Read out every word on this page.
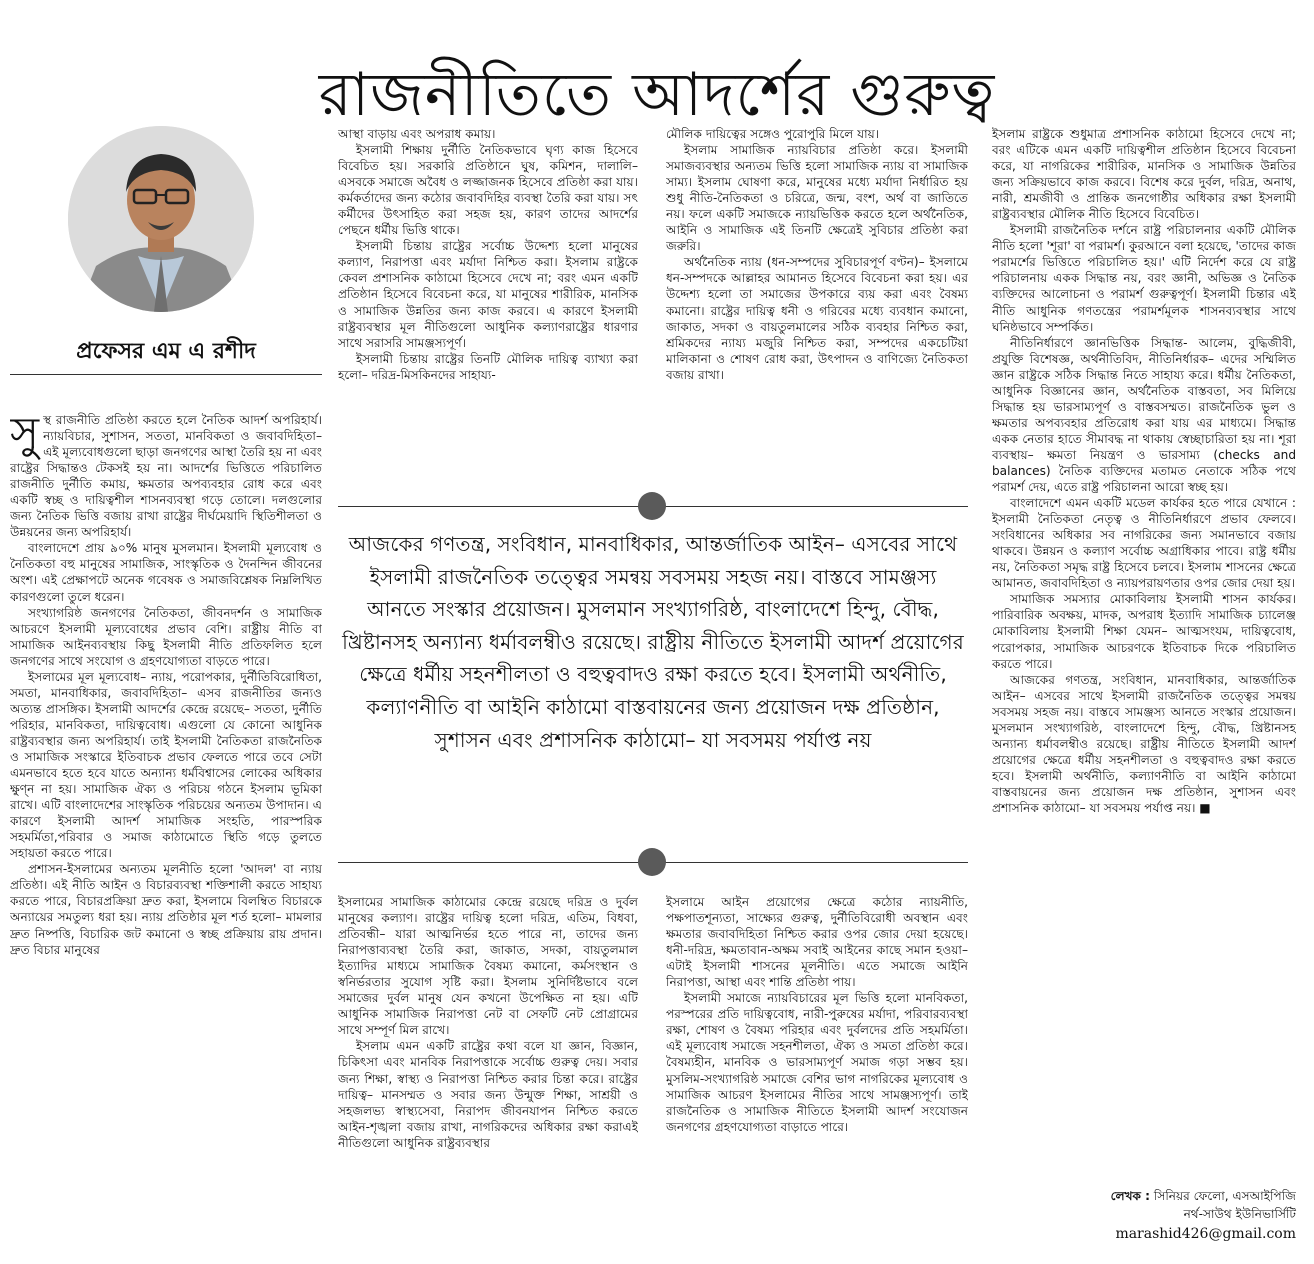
রাজনীতিতে আদর্শের গুরুত্ব
প্রফেসর এম এ রশীদ

সুস্থ রাজনীতি প্রতিষ্ঠা করতে হলে নৈতিক আদর্শ অপরিহার্য। ন্যায়বিচার, সুশাসন, সততা, মানবিকতা ও জবাবদিহিতা– এই মূল্যবোধগুলো ছাড়া জনগণের আস্থা তৈরি হয় না এবং রাষ্ট্রের সিদ্ধান্তও টেকসই হয় না। আদর্শের ভিত্তিতে পরিচালিত রাজনীতি দুর্নীতি কমায়, ক্ষমতার অপব্যবহার রোধ করে এবং একটি স্বচ্ছ ও দায়িত্বশীল শাসনব্যবস্থা গড়ে তোলে। দলগুলোর জন্য নৈতিক ভিত্তি বজায় রাখা রাষ্ট্রের দীর্ঘমেয়াদি স্থিতিশীলতা ও উন্নয়নের জন্য অপরিহার্য।

বাংলাদেশে প্রায় ৯০% মানুষ মুসলমান। ইসলামী মূল্যবোধ ও নৈতিকতা বহু মানুষের সামাজিক, সাংস্কৃতিক ও দৈনন্দিন জীবনের অংশ। এই প্রেক্ষাপটে অনেক গবেষক ও সমাজবিশ্লেষক নিম্নলিখিত কারণগুলো তুলে ধরেন।

সংখ্যাগরিষ্ঠ জনগণের নৈতিকতা, জীবনদর্শন ও সামাজিক আচরণে ইসলামী মূল্যবোধের প্রভাব বেশি। রাষ্ট্রীয় নীতি বা সামাজিক আইনব্যবস্থায় কিছু ইসলামী নীতি প্রতিফলিত হলে জনগণের সাথে সংযোগ ও গ্রহণযোগ্যতা বাড়তে পারে।

ইসলামের মূল মূল্যবোধ– ন্যায়, পরোপকার, দুর্নীতিবিরোধিতা, সমতা, মানবাধিকার, জবাবদিহিতা– এসব রাজনীতির জন্যও অত্যন্ত প্রাসঙ্গিক। ইসলামী আদর্শের কেন্দ্রে রয়েছে– সততা, দুর্নীতি পরিহার, মানবিকতা, দায়িত্ববোধ। এগুলো যে কোনো আধুনিক রাষ্ট্রব্যবস্থার জন্য অপরিহার্য। তাই ইসলামী নৈতিকতা রাজনৈতিক ও সামাজিক সংস্কারে ইতিবাচক প্রভাব ফেলতে পারে তবে সেটা এমনভাবে হতে হবে যাতে অন্যান্য ধর্মবিশ্বাসের লোকের অধিকার ক্ষুণ্ন না হয়। সামাজিক ঐক্য ও পরিচয় গঠনে ইসলাম ভূমিকা রাখে। এটি বাংলাদেশের সাংস্কৃতিক পরিচয়ের অন্যতম উপাদান। এ কারণে ইসলামী আদর্শ সামাজিক সংহতি, পারস্পরিক সহমর্মিতা,পরিবার ও সমাজ কাঠামোতে স্থিতি গড়ে তুলতে সহায়তা করতে পারে।

প্রশাসন-ইসলামের অন্যতম মূলনীতি হলো 'আদল' বা ন্যায় প্রতিষ্ঠা। এই নীতি আইন ও বিচারব্যবস্থা শক্তিশালী করতে সাহায্য করতে পারে, বিচারপ্রক্রিয়া দ্রুত করা, ইসলামে বিলম্বিত বিচারকে অন্যায়ের সমতুল্য ধরা হয়। ন্যায় প্রতিষ্ঠার মূল শর্ত হলো– মামলার দ্রুত নিষ্পত্তি, বিচারিক জট কমানো ও স্বচ্ছ প্রক্রিয়ায় রায় প্রদান। দ্রুত বিচার মানুষের

আস্থা বাড়ায় এবং অপরাধ কমায়।

ইসলামী শিক্ষায় দুর্নীতি নৈতিকভাবে ঘৃণ্য কাজ হিসেবে বিবেচিত হয়। সরকারি প্রতিষ্ঠানে ঘুষ, কমিশন, দালালি– এসবকে সমাজে অবৈধ ও লজ্জাজনক হিসেবে প্রতিষ্ঠা করা যায়। কর্মকর্তাদের জন্য কঠোর জবাবদিহির ব্যবস্থা তৈরি করা যায়। সৎ কর্মীদের উৎসাহিত করা সহজ হয়, কারণ তাদের আদর্শের পেছনে ধর্মীয় ভিত্তি থাকে।

ইসলামী চিন্তায় রাষ্ট্রের সর্বোচ্চ উদ্দেশ্য হলো মানুষের কল্যাণ, নিরাপত্তা এবং মর্যাদা নিশ্চিত করা। ইসলাম রাষ্ট্রকে কেবল প্রশাসনিক কাঠামো হিসেবে দেখে না; বরং এমন একটি প্রতিষ্ঠান হিসেবে বিবেচনা করে, যা মানুষের শারীরিক, মানসিক ও সামাজিক উন্নতির জন্য কাজ করবে। এ কারণে ইসলামী রাষ্ট্রব্যবস্থার মূল নীতিগুলো আধুনিক কল্যাণরাষ্ট্রের ধারণার সাথে সরাসরি সামঞ্জস্যপূর্ণ।

ইসলামী চিন্তায় রাষ্ট্রের তিনটি মৌলিক দায়িত্ব ব্যাখ্যা করা হলো– দরিদ্র-মিসকিনদের সাহায্য-

মৌলিক দায়িত্বের সঙ্গেও পুরোপুরি মিলে যায়।

ইসলাম সামাজিক ন্যায়বিচার প্রতিষ্ঠা করে। ইসলামী সমাজব্যবস্থার অন্যতম ভিত্তি হলো সামাজিক ন্যায় বা সামাজিক সাম্য। ইসলাম ঘোষণা করে, মানুষের মধ্যে মর্যাদা নির্ধারিত হয় শুধু নীতি-নৈতিকতা ও চরিত্রে, জন্ম, বংশ, অর্থ বা জাতিতে নয়। ফলে একটি সমাজকে ন্যায়ভিত্তিক করতে হলে অর্থনৈতিক, আইনি ও সামাজিক এই তিনটি ক্ষেত্রেই সুবিচার প্রতিষ্ঠা করা জরুরি।

অর্থনৈতিক ন্যায় (ধন-সম্পদের সুবিচারপূর্ণ বণ্টন)– ইসলামে ধন-সম্পদকে আল্লাহর আমানত হিসেবে বিবেচনা করা হয়। এর উদ্দেশ্য হলো তা সমাজের উপকারে ব্যয় করা এবং বৈষম্য কমানো। রাষ্ট্রের দায়িত্ব ধনী ও গরিবের মধ্যে ব্যবধান কমানো, জাকাত, সদকা ও বায়তুলমালের সঠিক ব্যবহার নিশ্চিত করা, শ্রমিকদের ন্যায্য মজুরি নিশ্চিত করা, সম্পদের একচেটিয়া মালিকানা ও শোষণ রোধ করা, উৎপাদন ও বাণিজ্যে নৈতিকতা বজায় রাখা।

আজকের গণতন্ত্র, সংবিধান, মানবাধিকার, আন্তর্জাতিক আইন– এসবের সাথে ইসলামী রাজনৈতিক তত্ত্বের সমন্বয় সবসময় সহজ নয়। বাস্তবে সামঞ্জস্য আনতে সংস্কার প্রয়োজন। মুসলমান সংখ্যাগরিষ্ঠ, বাংলাদেশে হিন্দু, বৌদ্ধ, খ্রিষ্টানসহ অন্যান্য ধর্মাবলম্বীও রয়েছে। রাষ্ট্রীয় নীতিতে ইসলামী আদর্শ প্রয়োগের ক্ষেত্রে ধর্মীয় সহনশীলতা ও বহুত্ববাদও রক্ষা করতে হবে। ইসলামী অর্থনীতি, কল্যাণনীতি বা আইনি কাঠামো বাস্তবায়নের জন্য প্রয়োজন দক্ষ প্রতিষ্ঠান, সুশাসন এবং প্রশাসনিক কাঠামো– যা সবসময় পর্যাপ্ত নয়

ইসলামের সামাজিক কাঠামোর কেন্দ্রে রয়েছে দরিদ্র ও দুর্বল মানুষের কল্যাণ। রাষ্ট্রের দায়িত্ব হলো দরিদ্র, এতিম, বিধবা, প্রতিবন্ধী– যারা আত্মনির্ভর হতে পারে না, তাদের জন্য নিরাপত্তাব্যবস্থা তৈরি করা, জাকাত, সদকা, বায়তুলমাল ইত্যাদির মাধ্যমে সামাজিক বৈষম্য কমানো, কর্মসংস্থান ও স্বনির্ভরতার সুযোগ সৃষ্টি করা। ইসলাম সুনির্দিষ্টভাবে বলে সমাজের দুর্বল মানুষ যেন কখনো উপেক্ষিত না হয়। এটি আধুনিক সামাজিক নিরাপত্তা নেট বা সেফটি নেট প্রোগ্রামের সাথে সম্পূর্ণ মিল রাখে।

ইসলাম এমন একটি রাষ্ট্রের কথা বলে যা জ্ঞান, বিজ্ঞান, চিকিৎসা এবং মানবিক নিরাপত্তাকে সর্বোচ্চ গুরুত্ব দেয়। সবার জন্য শিক্ষা, স্বাস্থ্য ও নিরাপত্তা নিশ্চিত করার চিন্তা করে। রাষ্ট্রের দায়িত্ব– মানসম্মত ও সবার জন্য উন্মুক্ত শিক্ষা, সাশ্রয়ী ও সহজলভ্য স্বাস্থ্যসেবা, নিরাপদ জীবনযাপন নিশ্চিত করতে আইন-শৃঙ্খলা বজায় রাখা, নাগরিকদের অধিকার রক্ষা করাএই নীতিগুলো আধুনিক রাষ্ট্রব্যবস্থার

ইসলামে আইন প্রয়োগের ক্ষেত্রে কঠোর ন্যায়নীতি, পক্ষপাতশূন্যতা, সাক্ষ্যের গুরুত্ব, দুর্নীতিবিরোধী অবস্থান এবং ক্ষমতার জবাবদিহিতা নিশ্চিত করার ওপর জোর দেয়া হয়েছে। ধনী-দরিদ্র, ক্ষমতাবান-অক্ষম সবাই আইনের কাছে সমান হওয়া– এটাই ইসলামী শাসনের মূলনীতি। এতে সমাজে আইনি নিরাপত্তা, আস্থা এবং শান্তি প্রতিষ্ঠা পায়।

ইসলামী সমাজে ন্যায়বিচারের মূল ভিত্তি হলো মানবিকতা, পরস্পরের প্রতি দায়িত্ববোধ, নারী-পুরুষের মর্যাদা, পরিবারব্যবস্থা রক্ষা, শোষণ ও বৈষম্য পরিহার এবং দুর্বলদের প্রতি সহমর্মিতা। এই মূল্যবোধ সমাজে সহনশীলতা, ঐক্য ও সমতা প্রতিষ্ঠা করে। বৈষম্যহীন, মানবিক ও ভারসাম্যপূর্ণ সমাজ গড়া সম্ভব হয়। মুসলিম-সংখ্যাগরিষ্ঠ সমাজে বেশির ভাগ নাগরিকের মূল্যবোধ ও সামাজিক আচরণ ইসলামের নীতির সাথে সামঞ্জস্যপূর্ণ। তাই রাজনৈতিক ও সামাজিক নীতিতে ইসলামী আদর্শ সংযোজন জনগণের গ্রহণযোগ্যতা বাড়াতে পারে।

ইসলাম রাষ্ট্রকে শুধুমাত্র প্রশাসনিক কাঠামো হিসেবে দেখে না; বরং এটিকে এমন একটি দায়িত্বশীল প্রতিষ্ঠান হিসেবে বিবেচনা করে, যা নাগরিকের শারীরিক, মানসিক ও সামাজিক উন্নতির জন্য সক্রিয়ভাবে কাজ করবে। বিশেষ করে দুর্বল, দরিদ্র, অনাথ, নারী, শ্রমজীবী ও প্রান্তিক জনগোষ্ঠীর অধিকার রক্ষা ইসলামী রাষ্ট্রব্যবস্থার মৌলিক নীতি হিসেবে বিবেচিত।

ইসলামী রাজনৈতিক দর্শনে রাষ্ট্র পরিচালনার একটি মৌলিক নীতি হলো 'শূরা' বা পরামর্শ। কুরআনে বলা হয়েছে, 'তাদের কাজ পরামর্শের ভিত্তিতে পরিচালিত হয়।' এটি নির্দেশ করে যে রাষ্ট্র পরিচালনায় একক সিদ্ধান্ত নয়, বরং জ্ঞানী, অভিজ্ঞ ও নৈতিক ব্যক্তিদের আলোচনা ও পরামর্শ গুরুত্বপূর্ণ। ইসলামী চিন্তার এই নীতি আধুনিক গণতন্ত্রের পরামর্শমূলক শাসনব্যবস্থার সাথে ঘনিষ্ঠভাবে সম্পর্কিত।

নীতিনির্ধারণে জ্ঞানভিত্তিক সিদ্ধান্ত- আলেম, বুদ্ধিজীবী, প্রযুক্তি বিশেষজ্ঞ, অর্থনীতিবিদ, নীতিনির্ধারক– এদের সম্মিলিত জ্ঞান রাষ্ট্রকে সঠিক সিদ্ধান্ত নিতে সাহায্য করে। ধর্মীয় নৈতিকতা, আধুনিক বিজ্ঞানের জ্ঞান, অর্থনৈতিক বাস্তবতা, সব মিলিয়ে সিদ্ধান্ত হয় ভারসাম্যপূর্ণ ও বাস্তবসম্মত। রাজনৈতিক ভুল ও ক্ষমতার অপব্যবহার প্রতিরোধ করা যায় এর মাধ্যমে। সিদ্ধান্ত একক নেতার হাতে সীমাবদ্ধ না থাকায় স্বেচ্ছাচারিতা হয় না। শূরা ব্যবস্থায়– ক্ষমতা নিয়ন্ত্রণ ও ভারসাম্য (checks and balances) নৈতিক ব্যক্তিদের মতামত নেতাকে সঠিক পথে পরামর্শ দেয়, এতে রাষ্ট্র পরিচালনা আরো স্বচ্ছ হয়।

বাংলাদেশে এমন একটি মডেল কার্যকর হতে পারে যেখানে : ইসলামী নৈতিকতা নেতৃত্ব ও নীতিনির্ধারণে প্রভাব ফেলবে। সংবিধানের অধিকার সব নাগরিকের জন্য সমানভাবে বজায় থাকবে। উন্নয়ন ও কল্যাণ সর্বোচ্চ অগ্রাধিকার পাবে। রাষ্ট্র ধর্মীয় নয়, নৈতিকতা সমৃদ্ধ রাষ্ট্র হিসেবে চলবে। ইসলাম শাসনের ক্ষেত্রে আমানত, জবাবদিহিতা ও ন্যায়পরায়ণতার ওপর জোর দেয়া হয়।

সামাজিক সমস্যার মোকাবিলায় ইসলামী শাসন কার্যকর। পারিবারিক অবক্ষয়, মাদক, অপরাধ ইত্যাদি সামাজিক চ্যালেঞ্জ মোকাবিলায় ইসলামী শিক্ষা যেমন– আত্মসংযম, দায়িত্ববোধ, পরোপকার, সামাজিক আচরণকে ইতিবাচক দিকে পরিচালিত করতে পারে।

আজকের গণতন্ত্র, সংবিধান, মানবাধিকার, আন্তর্জাতিক আইন– এসবের সাথে ইসলামী রাজনৈতিক তত্ত্বের সমন্বয় সবসময় সহজ নয়। বাস্তবে সামঞ্জস্য আনতে সংস্কার প্রয়োজন। মুসলমান সংখ্যাগরিষ্ঠ, বাংলাদেশে হিন্দু, বৌদ্ধ, খ্রিষ্টানসহ অন্যান্য ধর্মাবলম্বীও রয়েছে। রাষ্ট্রীয় নীতিতে ইসলামী আদর্শ প্রয়োগের ক্ষেত্রে ধর্মীয় সহনশীলতা ও বহুত্ববাদও রক্ষা করতে হবে। ইসলামী অর্থনীতি, কল্যাণনীতি বা আইনি কাঠামো বাস্তবায়নের জন্য প্রয়োজন দক্ষ প্রতিষ্ঠান, সুশাসন এবং প্রশাসনিক কাঠামো– যা সবসময় পর্যাপ্ত নয়। ■

লেখক : সিনিয়র ফেলো, এসআইপিজি
নর্থ-সাউথ ইউনিভার্সিটি
marashid426@gmail.com
